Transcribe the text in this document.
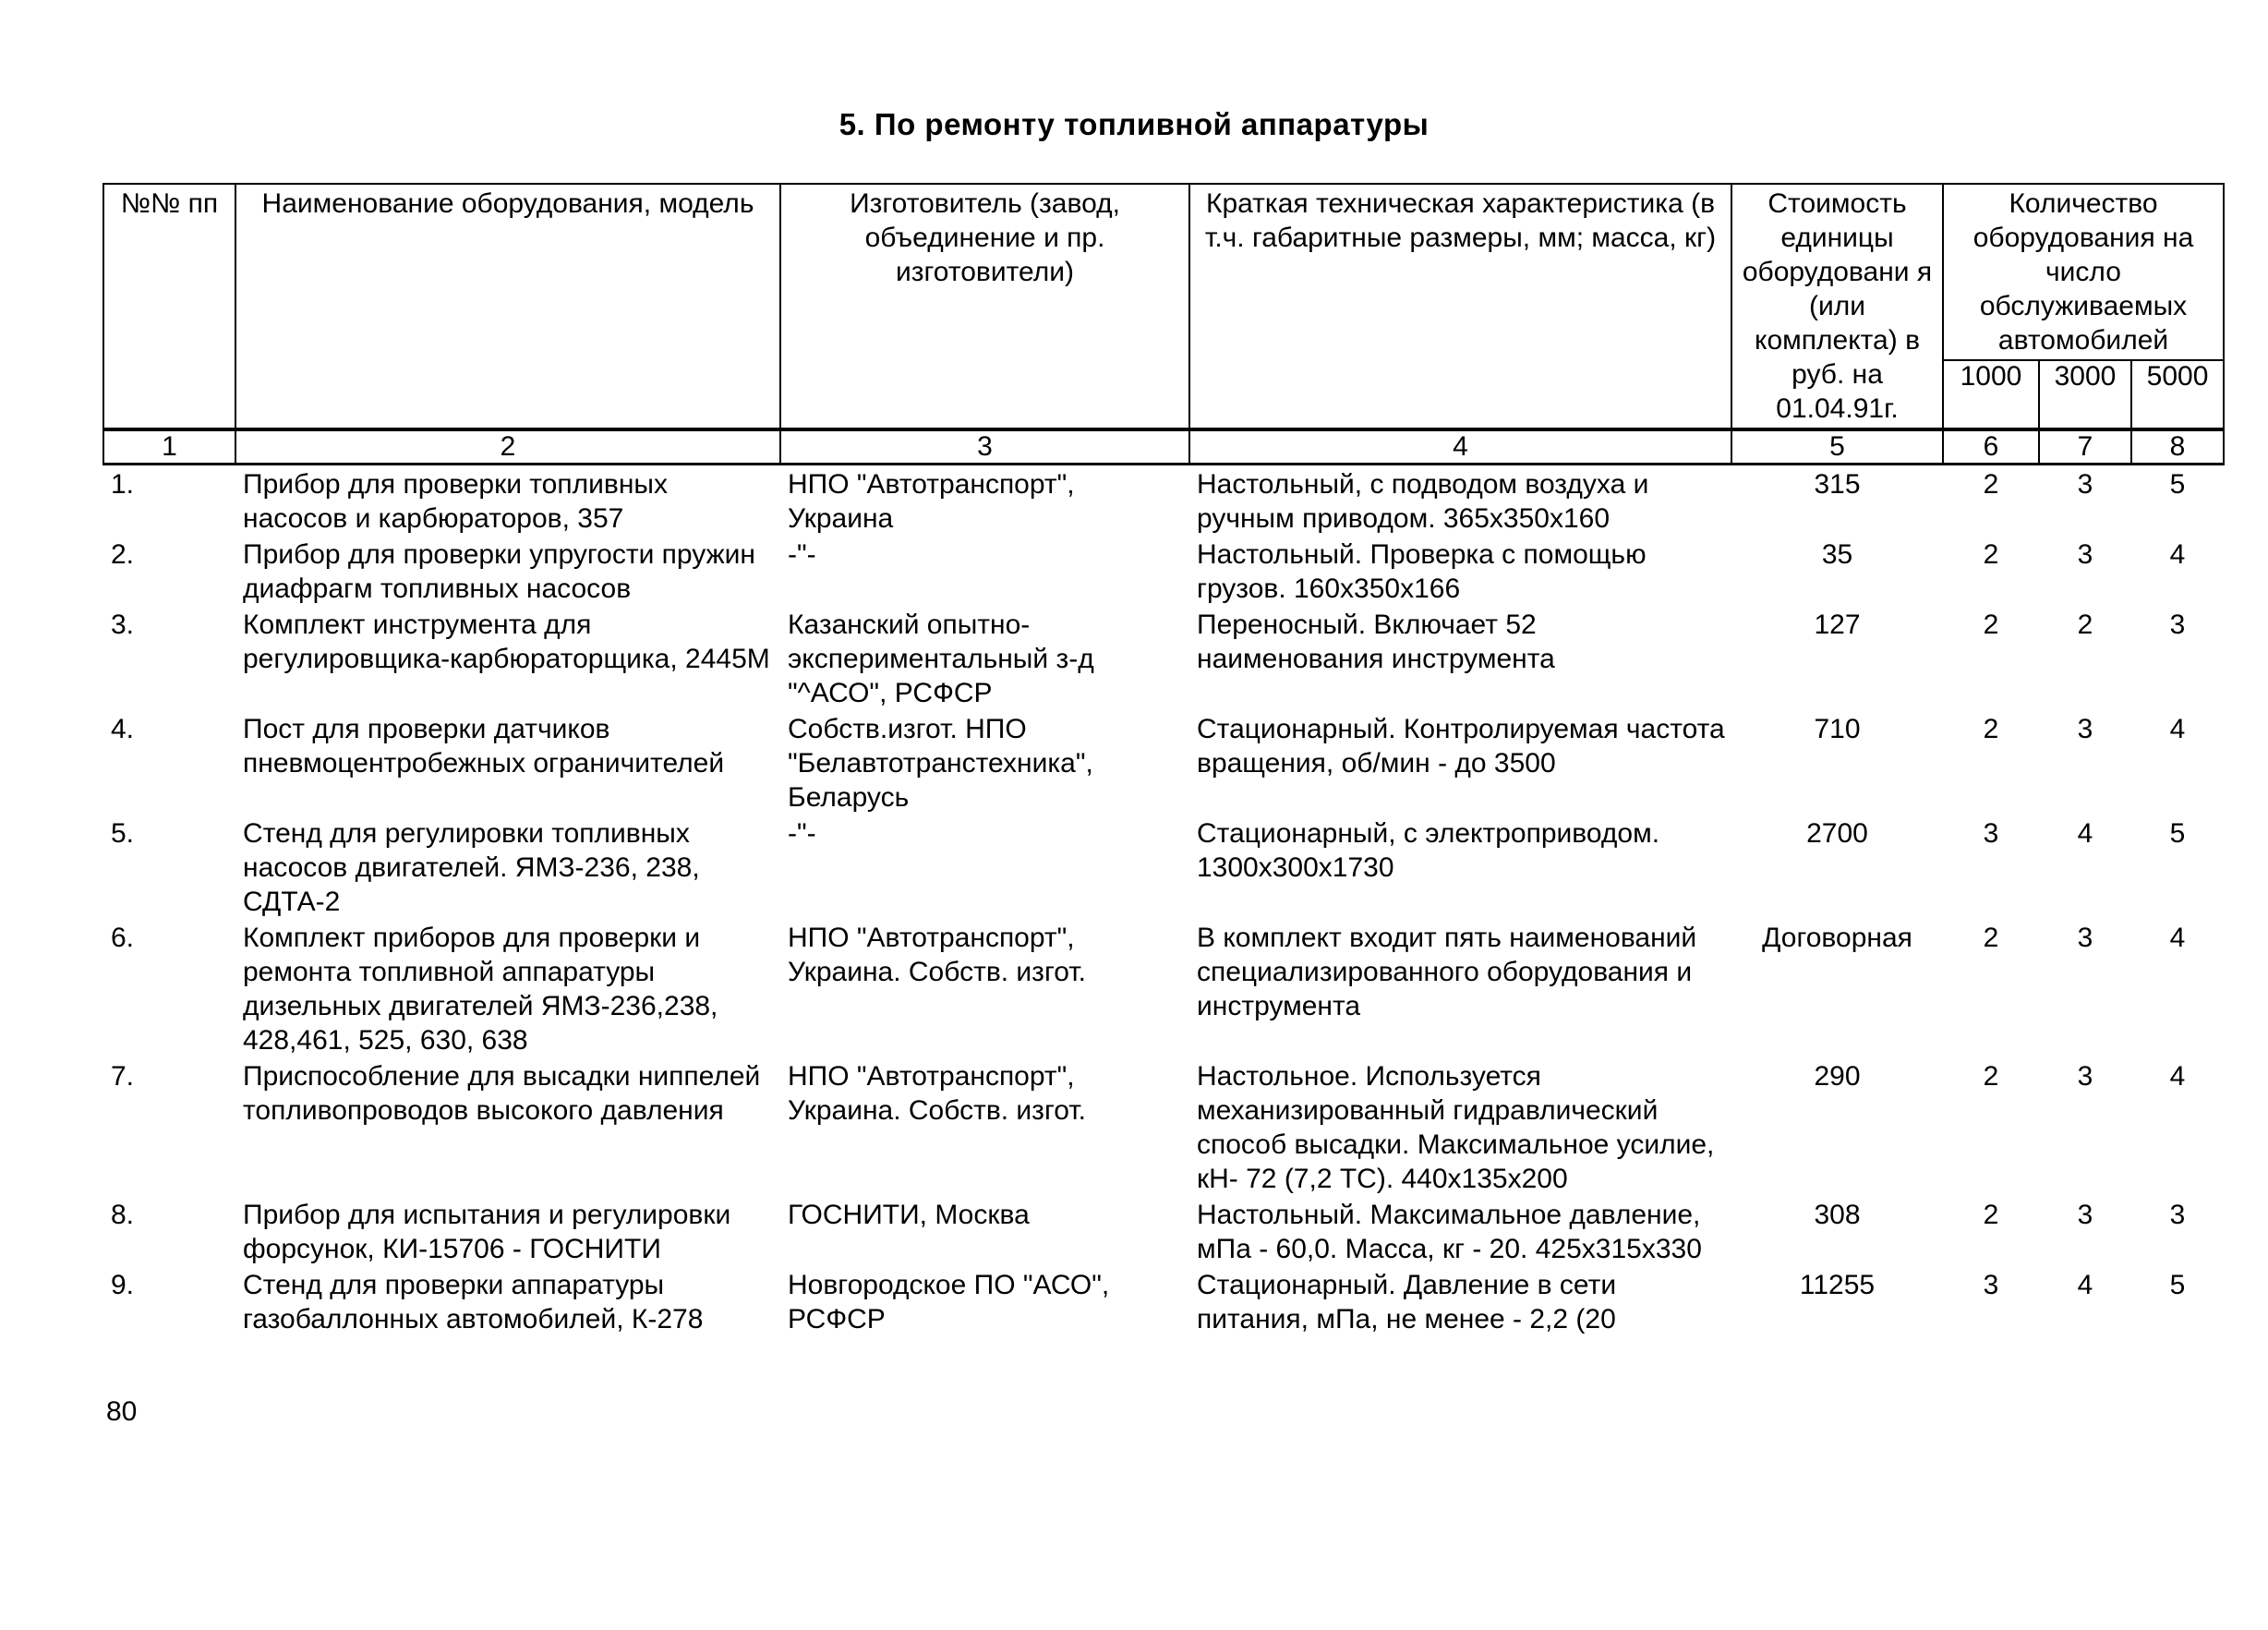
5. По ремонту топливной аппаратуры
№№ пп	Наименование оборудования, модель	Изготовитель (завод, объединение и пр. изготовители)	Краткая техническая характеристика (в т.ч. габаритные размеры, мм; масса, кг)	Стоимость единицы оборудовани я (или комплекта) в руб. на 01.04.91г.	Количество оборудования на число обслуживаемых автомобилей		
					1000	3000	5000
1	2	3	4	5	6	7	8
1.	Прибор для проверки топливных насосов и карбюраторов, 357	НПО "Автотранспорт", Украина	Настольный, с подводом воздуха и ручным приводом. 365x350x160	315	2	3	5
2.	Прибор для проверки упругости пружин диафрагм топливных насосов	-"-	Настольный. Проверка с помощью грузов. 160x350x166	35	2	3	4
3.	Комплект инструмента для регулировщика-карбюраторщика, 2445М	Казанский опытно-экспериментальный з-д "^АСО", РСФСР	Переносный. Включает 52 наименования инструмента	127	2	2	3
4.	Пост для проверки датчиков пневмоцентробежных ограничителей	Собств.изгот. НПО "Белавтотранстехника", Беларусь	Стационарный. Контролируемая частота вращения, об/мин - до 3500	710	2	3	4
5.	Стенд для регулировки топливных насосов двигателей. ЯМЗ-236, 238, СДТА-2	-"-	Стационарный, с электроприводом. 1300x300x1730	2700	3	4	5
6.	Комплект приборов для проверки и ремонта топливной аппаратуры дизельных двигателей ЯМЗ-236,238, 428,461, 525, 630, 638	НПО "Автотранспорт", Украина. Собств. изгот.	В комплект входит пять наименований специализированного оборудования и инструмента	Договорная	2	3	4
7.	Приспособление для высадки ниппелей топливопроводов высокого давления	НПО "Автотранспорт", Украина. Собств. изгот.	Настольное. Используется механизированный гидравлический способ высадки. Максимальное усилие, кН- 72 (7,2 ТС). 440x135x200	290	2	3	4
8.	Прибор для испытания и регулировки форсунок, КИ-15706 - ГОСНИТИ	ГОСНИТИ, Москва	Настольный. Максимальное давление, мПа - 60,0. Масса, кг - 20. 425x315x330	308	2	3	3
9.	Стенд для проверки аппаратуры газобаллонных автомобилей, К-278	Новгородское ПО "АСО", РСФСР	Стационарный. Давление в сети питания, мПа, не менее - 2,2 (20	11255	3	4	5
80
